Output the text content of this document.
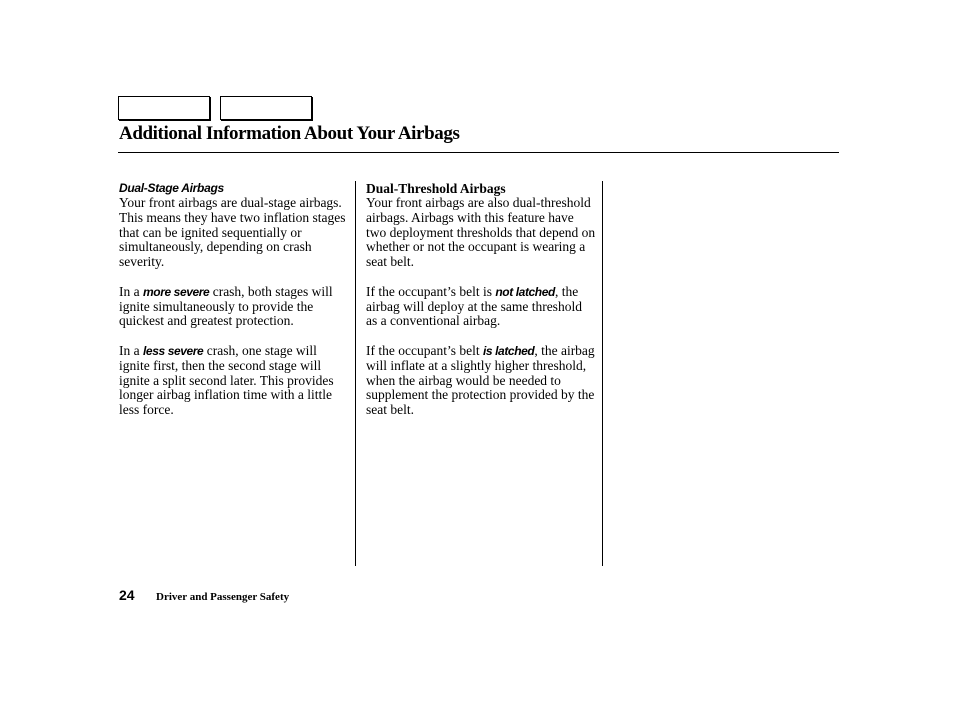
Additional Information About Your Airbags
Dual-Stage Airbags

Your front airbags are dual-stage airbags. This means they have two inflation stages that can be ignited sequentially or simultaneously, depending on crash severity.

In a more severe crash, both stages will ignite simultaneously to provide the quickest and greatest protection.

In a less severe crash, one stage will ignite first, then the second stage will ignite a split second later. This provides longer airbag inflation time with a little less force.

Dual-Threshold Airbags

Your front airbags are also dual-threshold airbags. Airbags with this feature have two deployment thresholds that depend on whether or not the occupant is wearing a seat belt.

If the occupant’s belt is not latched, the airbag will deploy at the same threshold as a conventional airbag.

If the occupant’s belt is latched, the airbag will inflate at a slightly higher threshold, when the airbag would be needed to supplement the protection provided by the seat belt.

24 Driver and Passenger Safety
